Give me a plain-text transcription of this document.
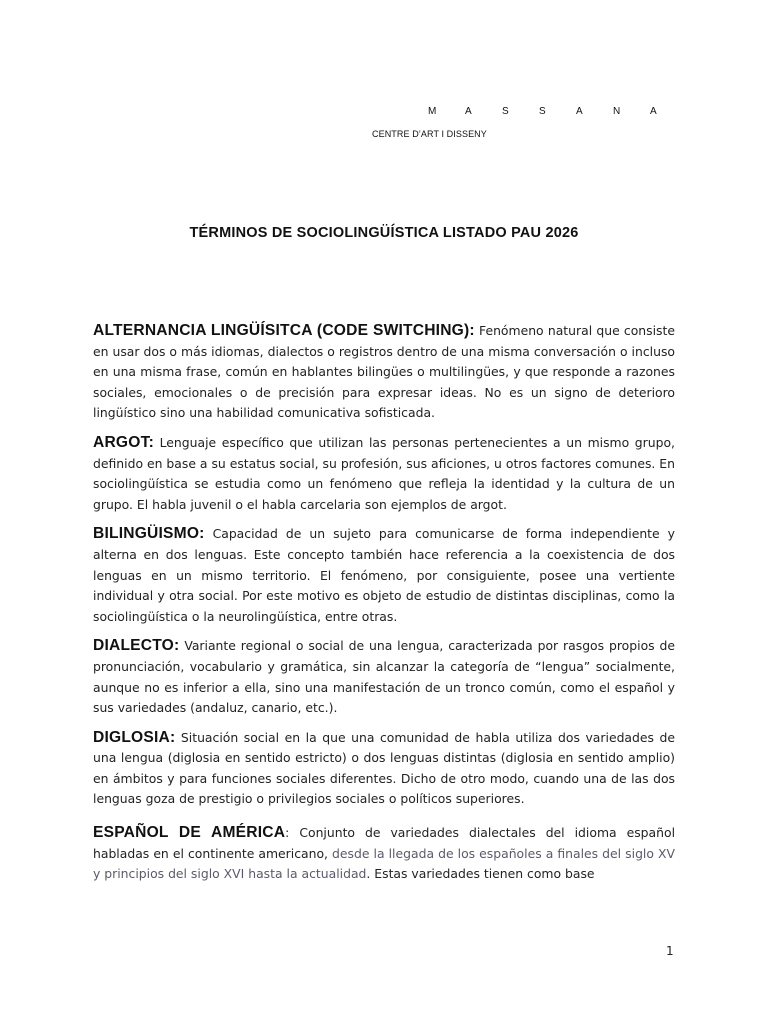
M	A	S	S	A	N	A
CENTRE D’ART I DISSENY
TÉRMINOS DE SOCIOLINGÜÍSTICA LISTADO PAU 2026

ALTERNANCIA LINGÜÍSITCA (CODE SWITCHING): Fenómeno natural que consiste en usar dos o más idiomas, dialectos o registros dentro de una misma conversación o incluso en una misma frase, común en hablantes bilingües o multilingües, y que responde a razones sociales, emocionales o de precisión para expresar ideas. No es un signo de deterioro lingüístico sino una habilidad comunicativa sofisticada.

ARGOT: Lenguaje específico que utilizan las personas pertenecientes a un mismo grupo, definido en base a su estatus social, su profesión, sus aficiones, u otros factores comunes. En sociolingüística se estudia como un fenómeno que refleja la identidad y la cultura de un grupo. El habla juvenil o el habla carcelaria son ejemplos de argot.

BILINGÜISMO: Capacidad de un sujeto para comunicarse de forma independiente y alterna en dos lenguas. Este concepto también hace referencia a la coexistencia de dos lenguas en un mismo territorio. El fenómeno, por consiguiente, posee una vertiente individual y otra social. Por este motivo es objeto de estudio de distintas disciplinas, como la sociolingüística o la neurolingüística, entre otras.

DIALECTO: Variante regional o social de una lengua, caracterizada por rasgos propios de pronunciación, vocabulario y gramática, sin alcanzar la categoría de “lengua” socialmente, aunque no es inferior a ella, sino una manifestación de un tronco común, como el español y sus variedades (andaluz, canario, etc.).

DIGLOSIA: Situación social en la que una comunidad de habla utiliza dos variedades de una lengua (diglosia en sentido estricto) o dos lenguas distintas (diglosia en sentido amplio) en ámbitos y para funciones sociales diferentes. Dicho de otro modo, cuando una de las dos lenguas goza de prestigio o privilegios sociales o políticos superiores.

ESPAÑOL DE AMÉRICA: Conjunto de variedades dialectales del idioma español habladas en el continente americano, desde la llegada de los españoles a finales del siglo XV y principios del siglo XVI hasta la actualidad. Estas variedades tienen como base

1
